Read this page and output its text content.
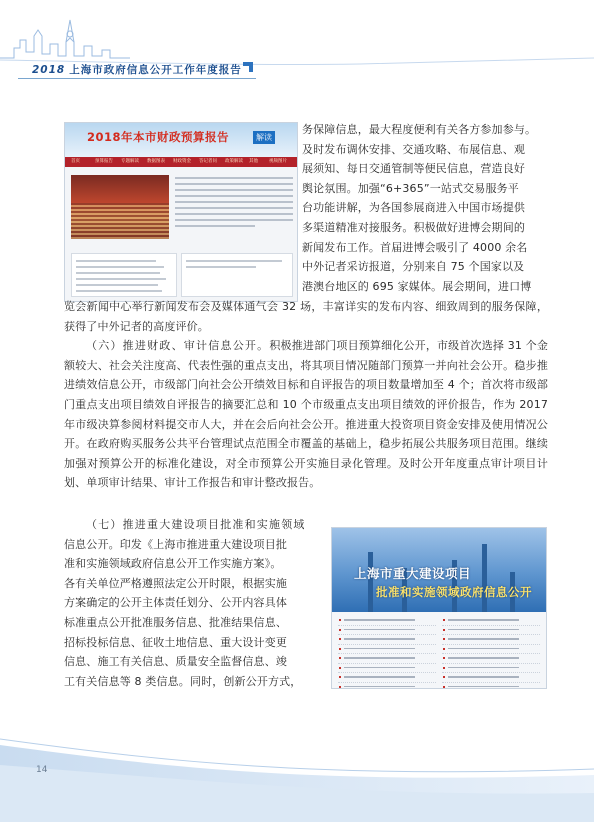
2018 上海市政府信息公开工作年度报告
2018年本市财政预算报告	解读
首页	预算报告 专题解读 数据图表 财政资金 答记者问 政策解读 其他 视频图片

务保障信息，最大程度便利有关各方参加参与。

及时发布调休安排、交通攻略、布展信息、观

展须知、每日交通管制等便民信息，营造良好

舆论氛围。加强“6+365”一站式交易服务平

台功能讲解，为各国参展商进入中国市场提供

多渠道精准对接服务。积极做好进博会期间的

新闻发布工作。首届进博会吸引了 4000 余名

中外记者采访报道，分别来自 75 个国家以及

港澳台地区的 695 家媒体。展会期间，进口博

览会新闻中心举行新闻发布会及媒体通气会 32 场，丰富详实的发布内容、细致周到的服务保障，获得了中外记者的高度评价。

（六）推进财政、审计信息公开。积极推进部门项目预算细化公开，市级首次选择 31 个金额较大、社会关注度高、代表性强的重点支出，将其项目情况随部门预算一并向社会公开。稳步推进绩效信息公开，市级部门向社会公开绩效目标和自评报告的项目数量增加至 4 个；首次将市级部门重点支出项目绩效自评报告的摘要汇总和 10 个市级重点支出项目绩效的评价报告，作为 2017 年市级决算参阅材料提交市人大，并在会后向社会公开。推进重大投资项目资金安排及使用情况公开。在政府购买服务公共平台管理试点范围全市覆盖的基础上，稳步拓展公共服务项目范围。继续加强对预算公开的标准化建设，对全市预算公开实施目录化管理。及时公开年度重点审计项目计划、单项审计结果、审计工作报告和审计整改报告。

（七）推进重大建设项目批准和实施领域

信息公开。印发《上海市推进重大建设项目批

准和实施领域政府信息公开工作实施方案》。

各有关单位严格遵照法定公开时限，根据实施

方案确定的公开主体责任划分、公开内容具体

标准重点公开批准服务信息、批准结果信息、

招标投标信息、征收土地信息、重大设计变更

信息、施工有关信息、质量安全监督信息、竣

工有关信息等 8 类信息。同时，创新公开方式，

上海市重大建设项目
批准和实施领域政府信息公开
14
